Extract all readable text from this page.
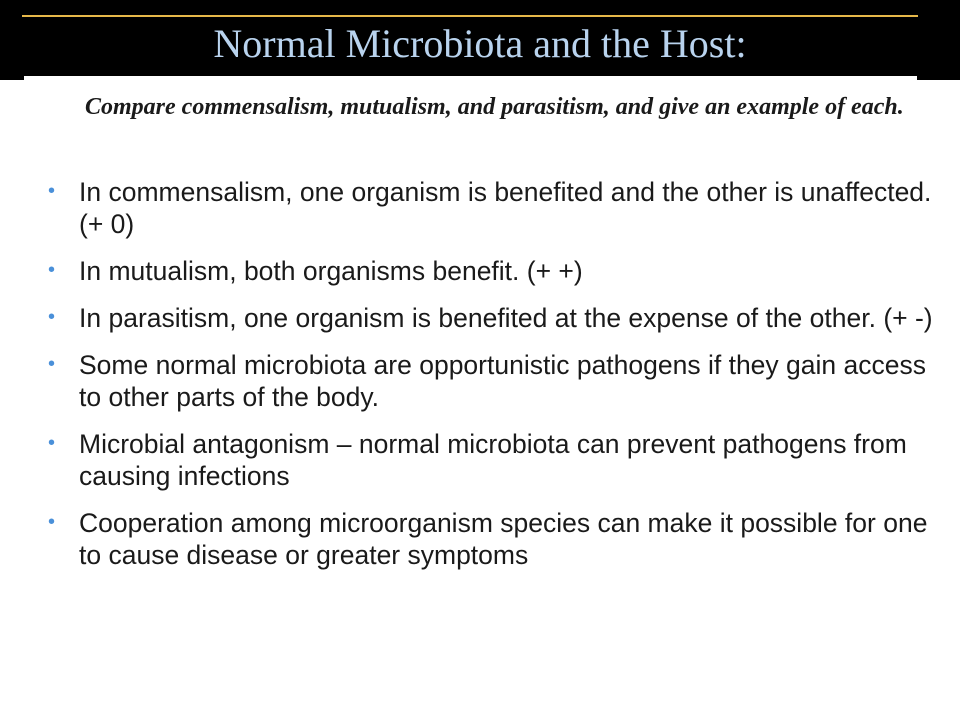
Normal Microbiota and the Host:
Compare commensalism, mutualism, and parasitism, and give an example of each.
• In commensalism, one organism is benefited and the other is unaffected. (+ 0)
• In mutualism, both organisms benefit. (+ +)
• In parasitism, one organism is benefited at the expense of the other. (+ -)
• Some normal microbiota are opportunistic pathogens if they gain access to other parts of the body.
• Microbial antagonism – normal microbiota can prevent pathogens from causing infections
• Cooperation among microorganism species can make it possible for one to cause disease or greater symptoms
